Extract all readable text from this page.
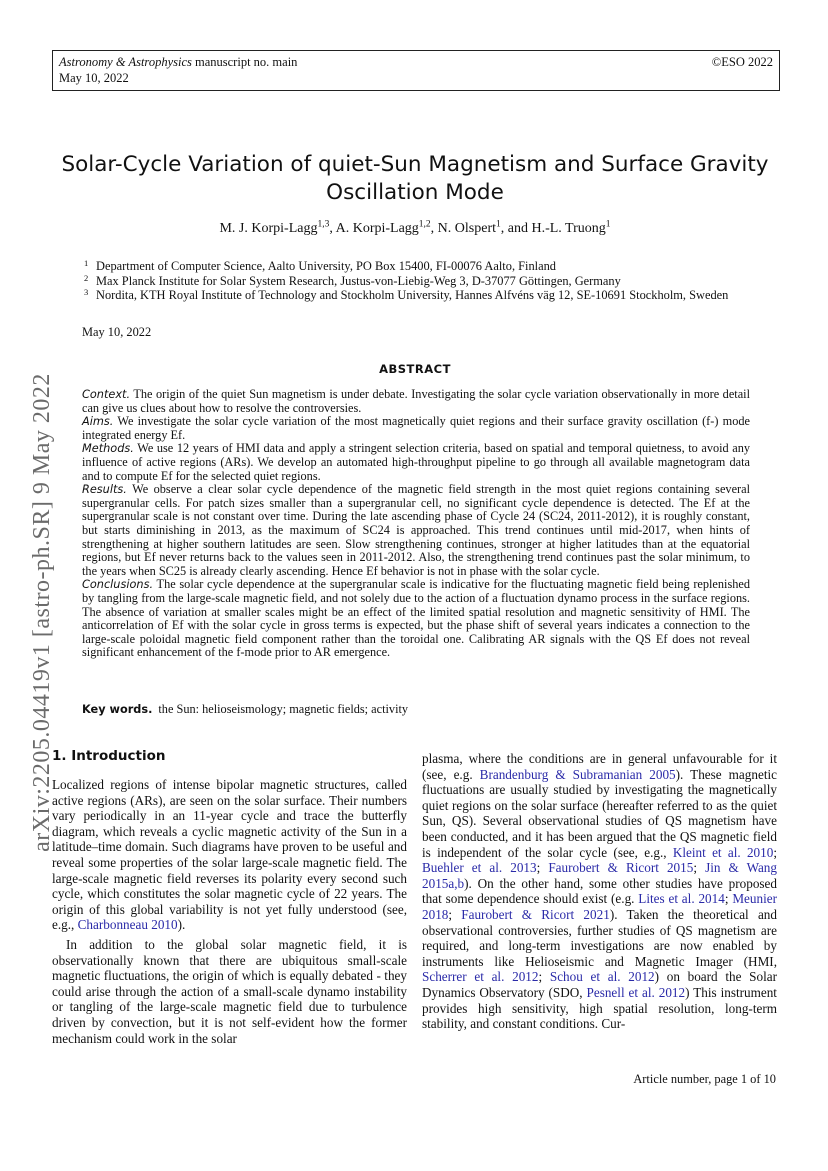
Astronomy & Astrophysics manuscript no. main
May 10, 2022
©ESO 2022
arXiv:2205.04419v1 [astro-ph.SR] 9 May 2022
Solar-Cycle Variation of quiet-Sun Magnetism and Surface Gravity Oscillation Mode
M. J. Korpi-Lagg$^{1,3}$, A. Korpi-Lagg$^{1,2}$, N. Olspert$^1$, and H.-L. Truong$^1$
1 Department of Computer Science, Aalto University, PO Box 15400, FI-00076 Aalto, Finland
2 Max Planck Institute for Solar System Research, Justus-von-Liebig-Weg 3, D-37077 Göttingen, Germany
3 Nordita, KTH Royal Institute of Technology and Stockholm University, Hannes Alfvéns väg 12, SE-10691 Stockholm, Sweden
May 10, 2022
ABSTRACT

Context. The origin of the quiet Sun magnetism is under debate. Investigating the solar cycle variation observationally in more detail can give us clues about how to resolve the controversies.

Aims. We investigate the solar cycle variation of the most magnetically quiet regions and their surface gravity oscillation (f-) mode integrated energy Ef.

Methods. We use 12 years of HMI data and apply a stringent selection criteria, based on spatial and temporal quietness, to avoid any influence of active regions (ARs). We develop an automated high-throughput pipeline to go through all available magnetogram data and to compute Ef for the selected quiet regions.

Results. We observe a clear solar cycle dependence of the magnetic field strength in the most quiet regions containing several supergranular cells. For patch sizes smaller than a supergranular cell, no significant cycle dependence is detected. The Ef at the supergranular scale is not constant over time. During the late ascending phase of Cycle 24 (SC24, 2011-2012), it is roughly constant, but starts diminishing in 2013, as the maximum of SC24 is approached. This trend continues until mid-2017, when hints of strengthening at higher southern latitudes are seen. Slow strengthening continues, stronger at higher latitudes than at the equatorial regions, but Ef never returns back to the values seen in 2011-2012. Also, the strengthening trend continues past the solar minimum, to the years when SC25 is already clearly ascending. Hence Ef behavior is not in phase with the solar cycle.

Conclusions. The solar cycle dependence at the supergranular scale is indicative for the fluctuating magnetic field being replenished by tangling from the large-scale magnetic field, and not solely due to the action of a fluctuation dynamo process in the surface regions. The absence of variation at smaller scales might be an effect of the limited spatial resolution and magnetic sensitivity of HMI. The anticorrelation of Ef with the solar cycle in gross terms is expected, but the phase shift of several years indicates a connection to the large-scale poloidal magnetic field component rather than the toroidal one. Calibrating AR signals with the QS Ef does not reveal significant enhancement of the f-mode prior to AR emergence.

Key words. the Sun: helioseismology; magnetic fields; activity
1. Introduction

Localized regions of intense bipolar magnetic structures, called active regions (ARs), are seen on the solar surface. Their numbers vary periodically in an 11-year cycle and trace the butterfly diagram, which reveals a cyclic magnetic activity of the Sun in a latitude–time domain. Such diagrams have proven to be useful and reveal some properties of the solar large-scale magnetic field. The large-scale magnetic field reverses its polarity every second such cycle, which constitutes the solar magnetic cycle of 22 years. The origin of this global variability is not yet fully understood (see, e.g., Charbonneau 2010).

In addition to the global solar magnetic field, it is observationally known that there are ubiquitous small-scale magnetic fluctuations, the origin of which is equally debated - they could arise through the action of a small-scale dynamo instability or tangling of the large-scale magnetic field due to turbulence driven by convection, but it is not self-evident how the former mechanism could work in the solar

plasma, where the conditions are in general unfavourable for it (see, e.g. Brandenburg & Subramanian 2005). These magnetic fluctuations are usually studied by investigating the magnetically quiet regions on the solar surface (hereafter referred to as the quiet Sun, QS). Several observational studies of QS magnetism have been conducted, and it has been argued that the QS magnetic field is independent of the solar cycle (see, e.g., Kleint et al. 2010; Buehler et al. 2013; Faurobert & Ricort 2015; Jin & Wang 2015a,b). On the other hand, some other studies have proposed that some dependence should exist (e.g. Lites et al. 2014; Meunier 2018; Faurobert & Ricort 2021). Taken the theoretical and observational controversies, further studies of QS magnetism are required, and long-term investigations are now enabled by instruments like Helioseismic and Magnetic Imager (HMI, Scherrer et al. 2012; Schou et al. 2012) on board the Solar Dynamics Observatory (SDO, Pesnell et al. 2012) This instrument provides high sensitivity, high spatial resolution, long-term stability, and constant conditions. Cur-

Article number, page 1 of 10
